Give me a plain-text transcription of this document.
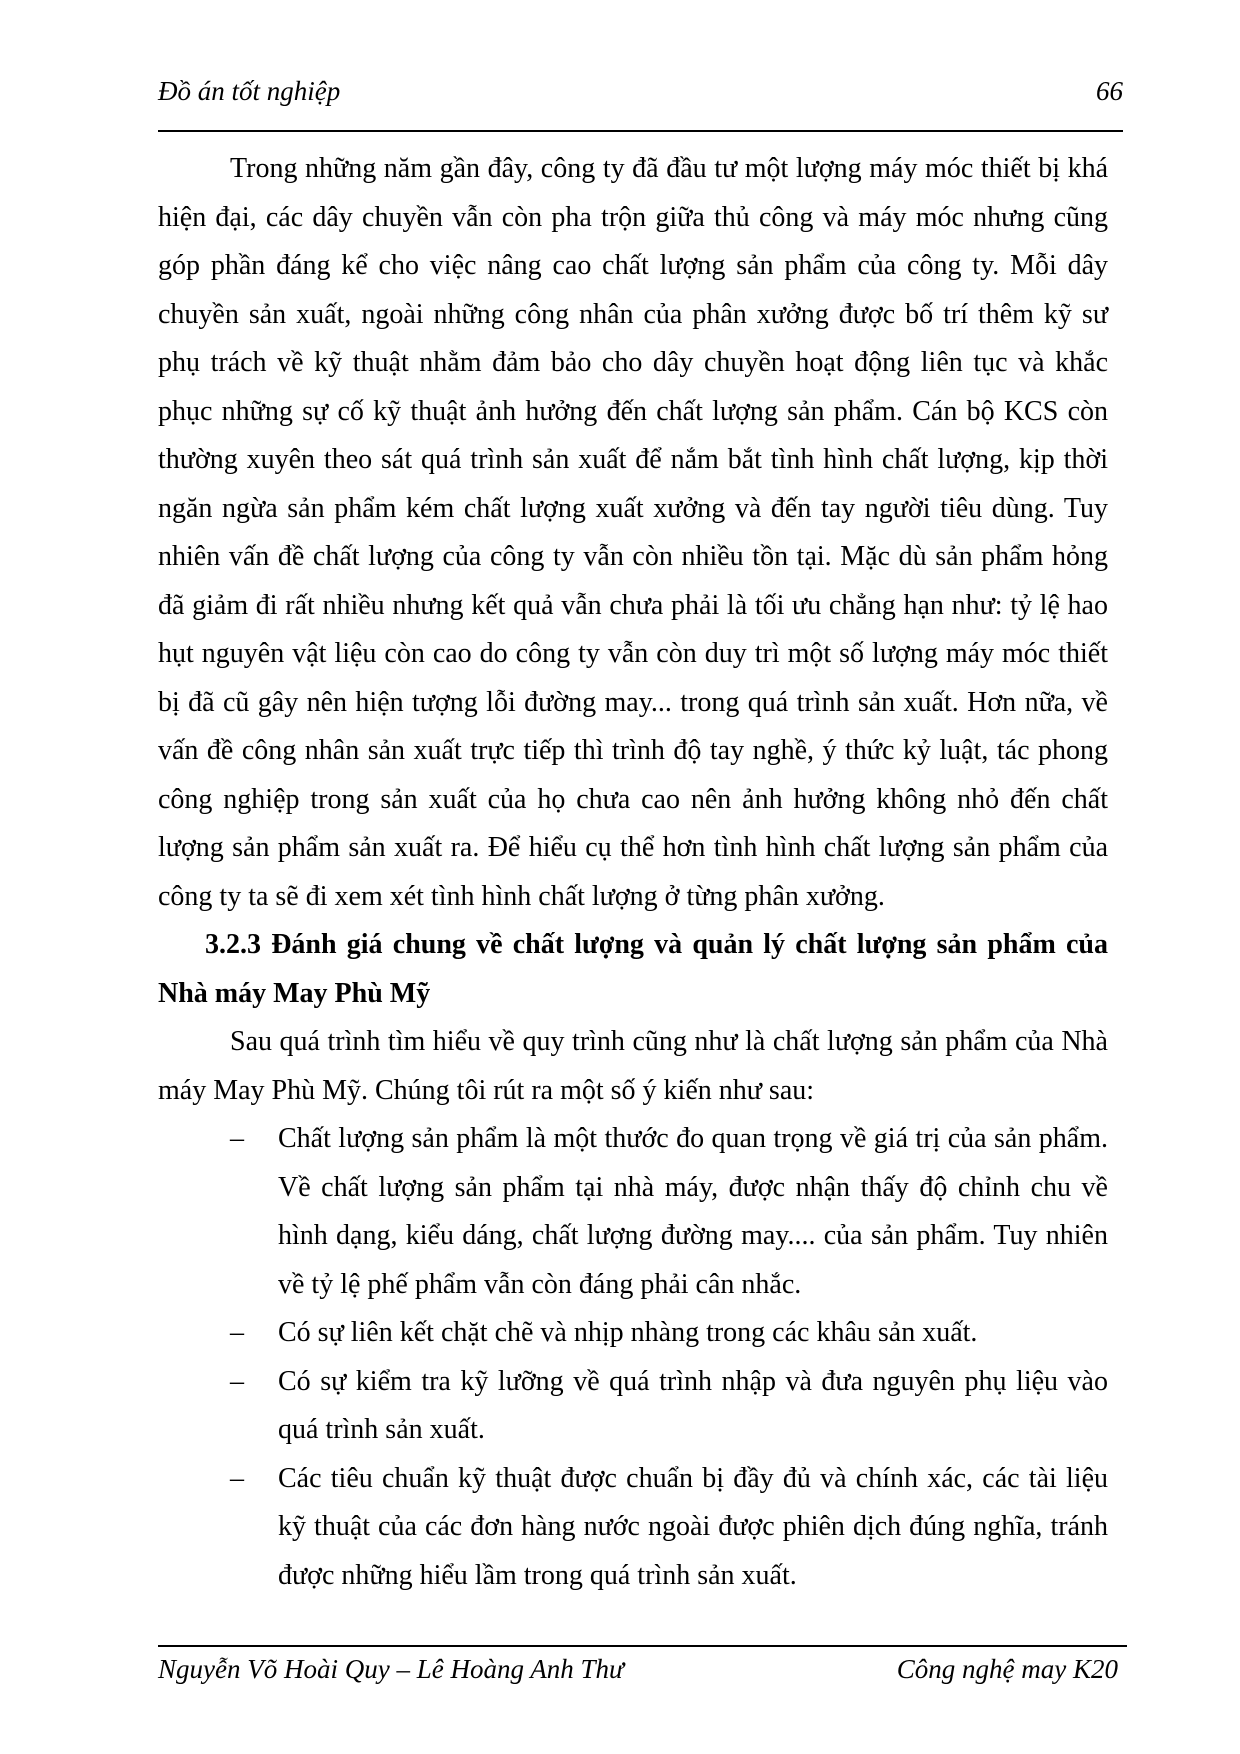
Đồ án tốt nghiệp	66

Trong những năm gần đây, công ty đã đầu tư một lượng máy móc thiết bị khá hiện đại, các dây chuyền vẫn còn pha trộn giữa thủ công và máy móc nhưng cũng góp phần đáng kể cho việc nâng cao chất lượng sản phẩm của công ty. Mỗi dây chuyền sản xuất, ngoài những công nhân của phân xưởng được bố trí thêm kỹ sư phụ trách về kỹ thuật nhằm đảm bảo cho dây chuyền hoạt động liên tục và khắc phục những sự cố kỹ thuật ảnh hưởng đến chất lượng sản phẩm. Cán bộ KCS còn thường xuyên theo sát quá trình sản xuất để nắm bắt tình hình chất lượng, kịp thời ngăn ngừa sản phẩm kém chất lượng xuất xưởng và đến tay người tiêu dùng. Tuy nhiên vấn đề chất lượng của công ty vẫn còn nhiều tồn tại. Mặc dù sản phẩm hỏng đã giảm đi rất nhiều nhưng kết quả vẫn chưa phải là tối ưu chẳng hạn như: tỷ lệ hao hụt nguyên vật liệu còn cao do công ty vẫn còn duy trì một số lượng máy móc thiết bị đã cũ gây nên hiện tượng lỗi đường may... trong quá trình sản xuất. Hơn nữa, về vấn đề công nhân sản xuất trực tiếp thì trình độ tay nghề, ý thức kỷ luật, tác phong công nghiệp trong sản xuất của họ chưa cao nên ảnh hưởng không nhỏ đến chất lượng sản phẩm sản xuất ra. Để hiểu cụ thể hơn tình hình chất lượng sản phẩm của công ty ta sẽ đi xem xét tình hình chất lượng ở từng phân xưởng.

3.2.3 Đánh giá chung về chất lượng và quản lý chất lượng sản phẩm của Nhà máy May Phù Mỹ

Sau quá trình tìm hiểu về quy trình cũng như là chất lượng sản phẩm của Nhà máy May Phù Mỹ. Chúng tôi rút ra một số ý kiến như sau:

– Chất lượng sản phẩm là một thước đo quan trọng về giá trị của sản phẩm. Về chất lượng sản phẩm tại nhà máy, được nhận thấy độ chỉnh chu về hình dạng, kiểu dáng, chất lượng đường may.... của sản phẩm. Tuy nhiên về tỷ lệ phế phẩm vẫn còn đáng phải cân nhắc.
– Có sự liên kết chặt chẽ và nhịp nhàng trong các khâu sản xuất.
– Có sự kiểm tra kỹ lưỡng về quá trình nhập và đưa nguyên phụ liệu vào quá trình sản xuất.
– Các tiêu chuẩn kỹ thuật được chuẩn bị đầy đủ và chính xác, các tài liệu kỹ thuật của các đơn hàng nước ngoài được phiên dịch đúng nghĩa, tránh được những hiểu lầm trong quá trình sản xuất.
Nguyễn Võ Hoài Quy – Lê Hoàng Anh Thư	Công nghệ may K20
